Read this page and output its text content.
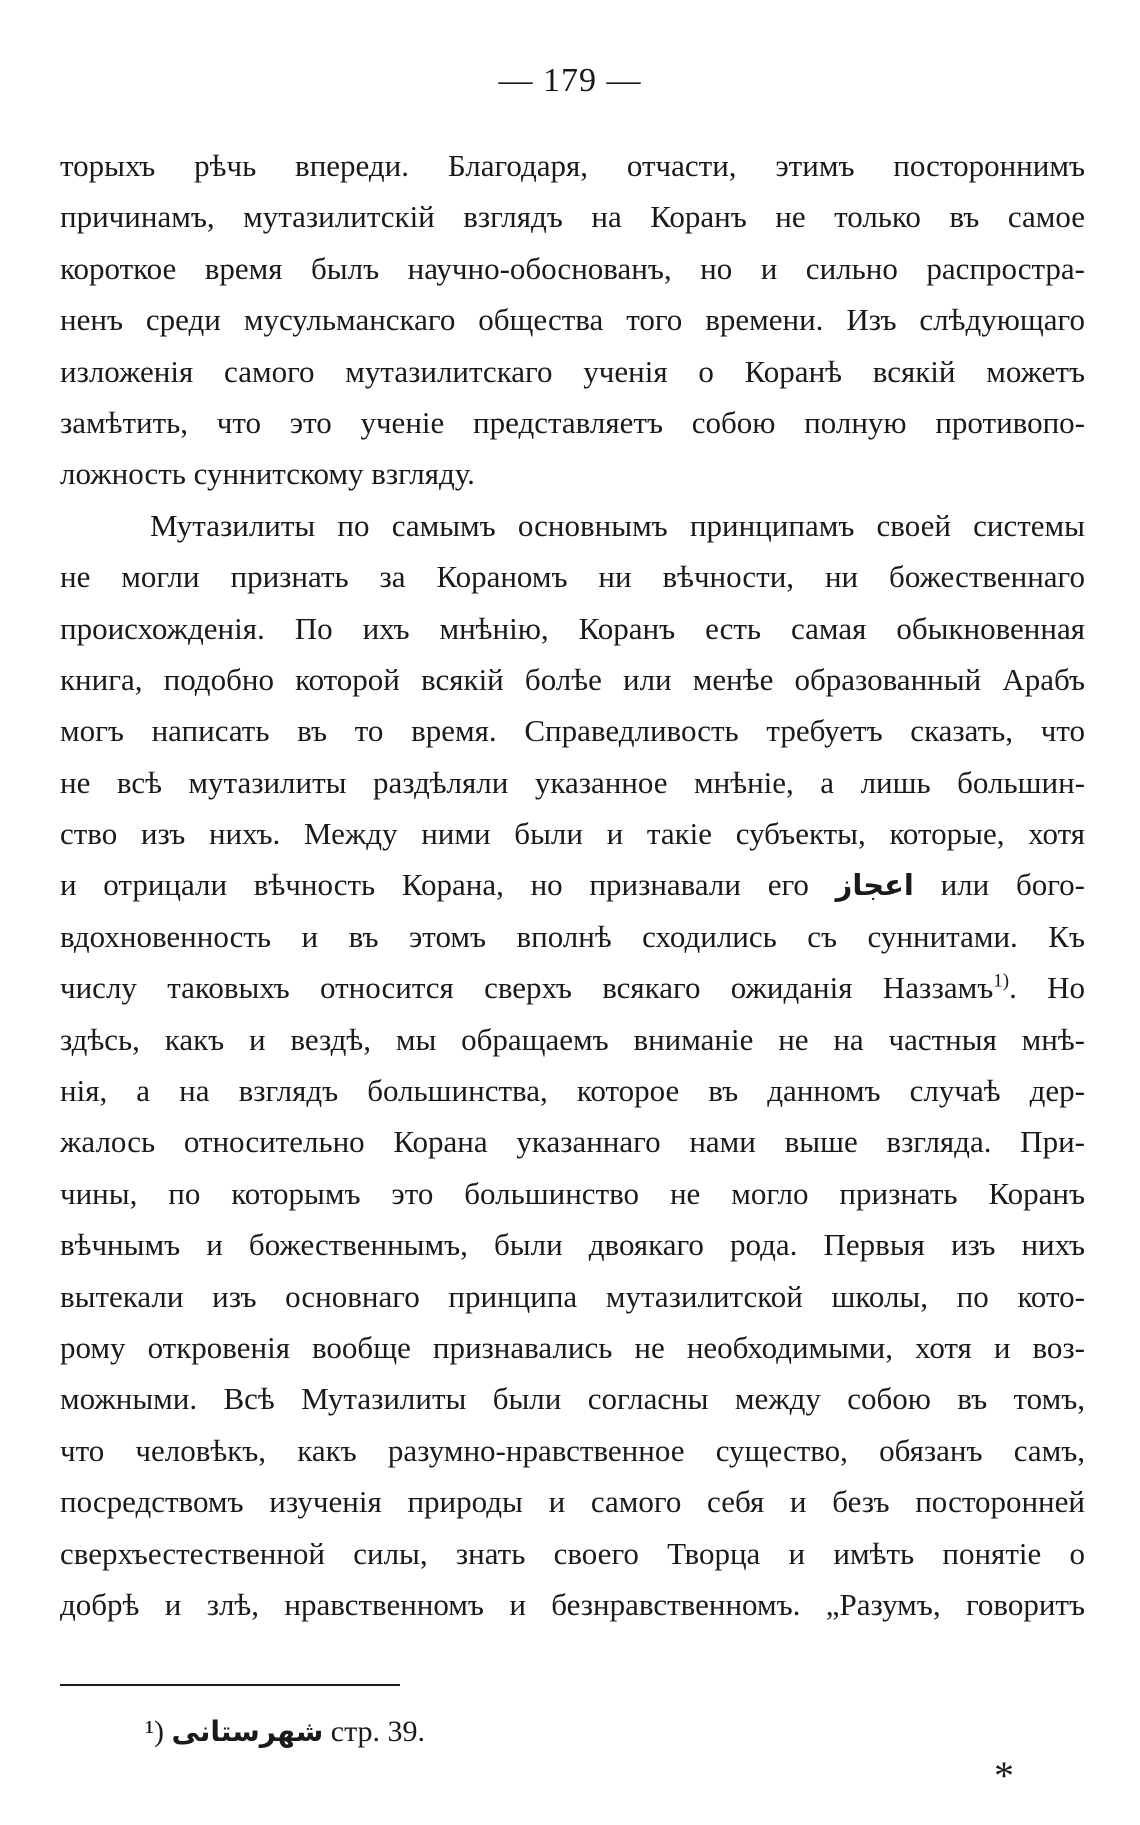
— 179 —
торыхъ рѣчь впереди. Благодаря, отчасти, этимъ постороннимъ
причинамъ, мутазилитскій взглядъ на Коранъ не только въ самое
короткое время былъ научно-обоснованъ, но и сильно распростра-
ненъ среди мусульманскаго общества того времени. Изъ слѣдующаго
изложенія самого мутазилитскаго ученія о Коранѣ всякій можетъ
замѣтить, что это ученіе представляетъ собою полную противопо-
ложность суннитскому взгляду.
Мутазилиты по самымъ основнымъ принципамъ своей системы
не могли признать за Кораномъ ни вѣчности, ни божественнаго
происхожденія. По ихъ мнѣнію, Коранъ есть самая обыкновенная
книга, подобно которой всякій болѣе или менѣе образованный Арабъ
могъ написать въ то время. Справедливость требуетъ сказать, что
не всѣ мутазилиты раздѣляли указанное мнѣніе, а лишь большин-
ство изъ нихъ. Между ними были и такіе субъекты, которые, хотя
и отрицали вѣчность Корана, но признавали его اعجاز или бого-
вдохновенность и въ этомъ вполнѣ сходились съ суннитами. Къ
числу таковыхъ относится сверхъ всякаго ожиданія Наззамъ$^{1)}$. Но
здѣсь, какъ и вездѣ, мы обращаемъ вниманіе не на частныя мнѣ-
нія, а на взглядъ большинства, которое въ данномъ случаѣ дер-
жалось относительно Корана указаннаго нами выше взгляда. При-
чины, по которымъ это большинство не могло признать Коранъ
вѣчнымъ и божественнымъ, были двоякаго рода. Первыя изъ нихъ
вытекали изъ основнаго принципа мутазилитской школы, по кото-
рому откровенія вообще признавались не необходимыми, хотя и воз-
можными. Всѣ Мутазилиты были согласны между собою въ томъ,
что человѣкъ, какъ разумно-нравственное существо, обязанъ самъ,
посредствомъ изученія природы и самого себя и безъ посторонней
сверхъестественной силы, знать своего Творца и имѣть понятіе о
добрѣ и злѣ, нравственномъ и безнравственномъ. „Разумъ, говоритъ
¹) شهرستانى стр. 39.
*
